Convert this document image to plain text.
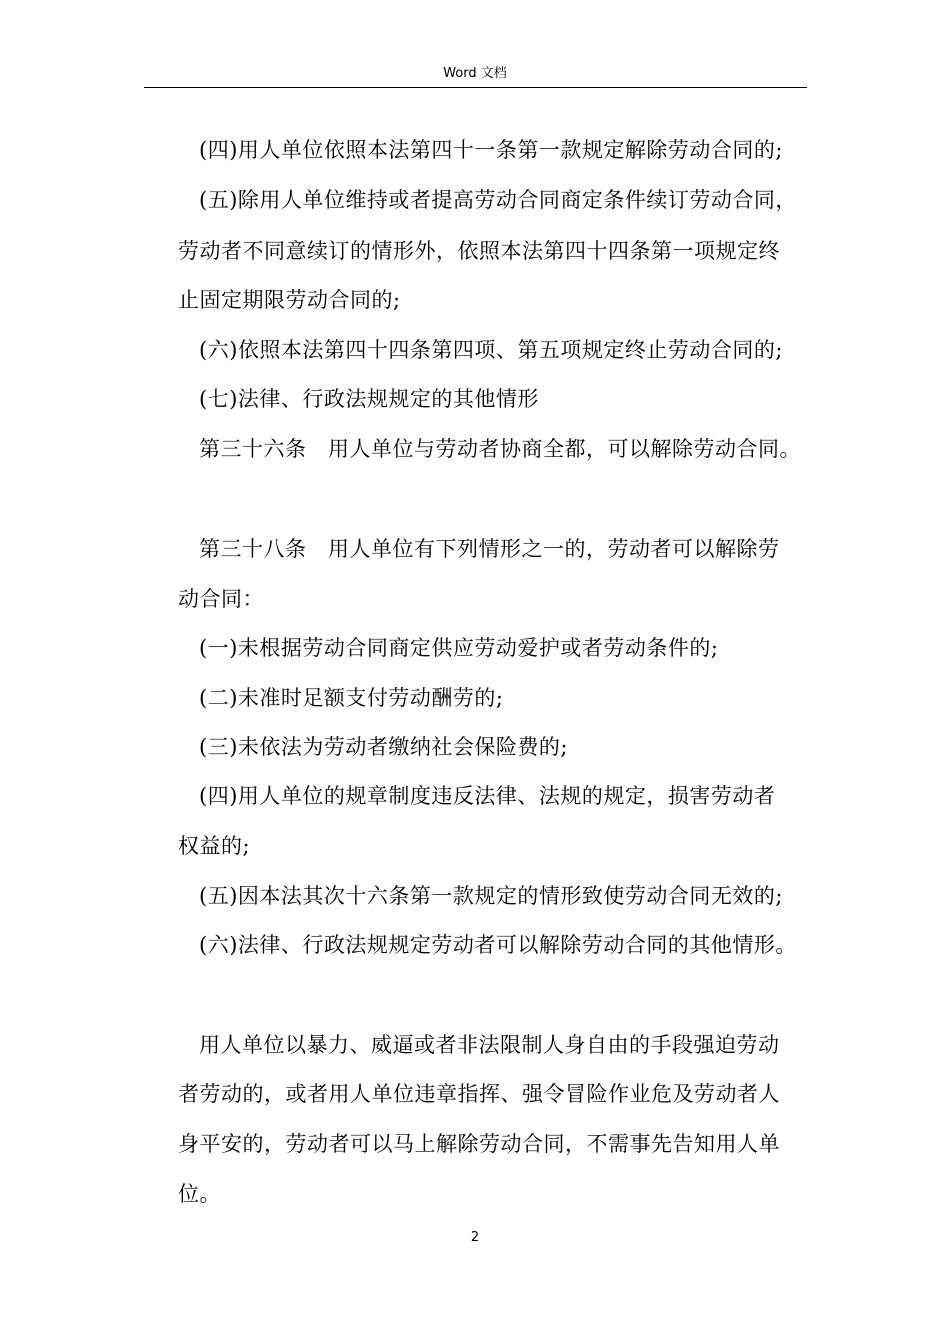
Word 文档
(四)用人单位依照本法第四十一条第一款规定解除劳动合同的;
(五)除用人单位维持或者提高劳动合同商定条件续订劳动合同，
劳动者不同意续订的情形外，依照本法第四十四条第一项规定终
止固定期限劳动合同的;
(六)依照本法第四十四条第四项、第五项规定终止劳动合同的;
(七)法律、行政法规规定的其他情形
第三十六条　用人单位与劳动者协商全都，可以解除劳动合同。
第三十八条　用人单位有下列情形之一的，劳动者可以解除劳
动合同：
(一)未根据劳动合同商定供应劳动爱护或者劳动条件的;
(二)未准时足额支付劳动酬劳的;
(三)未依法为劳动者缴纳社会保险费的;
(四)用人单位的规章制度违反法律、法规的规定，损害劳动者
权益的;
(五)因本法其次十六条第一款规定的情形致使劳动合同无效的;
(六)法律、行政法规规定劳动者可以解除劳动合同的其他情形。
用人单位以暴力、威逼或者非法限制人身自由的手段强迫劳动
者劳动的，或者用人单位违章指挥、强令冒险作业危及劳动者人
身平安的，劳动者可以马上解除劳动合同，不需事先告知用人单
位。
2
